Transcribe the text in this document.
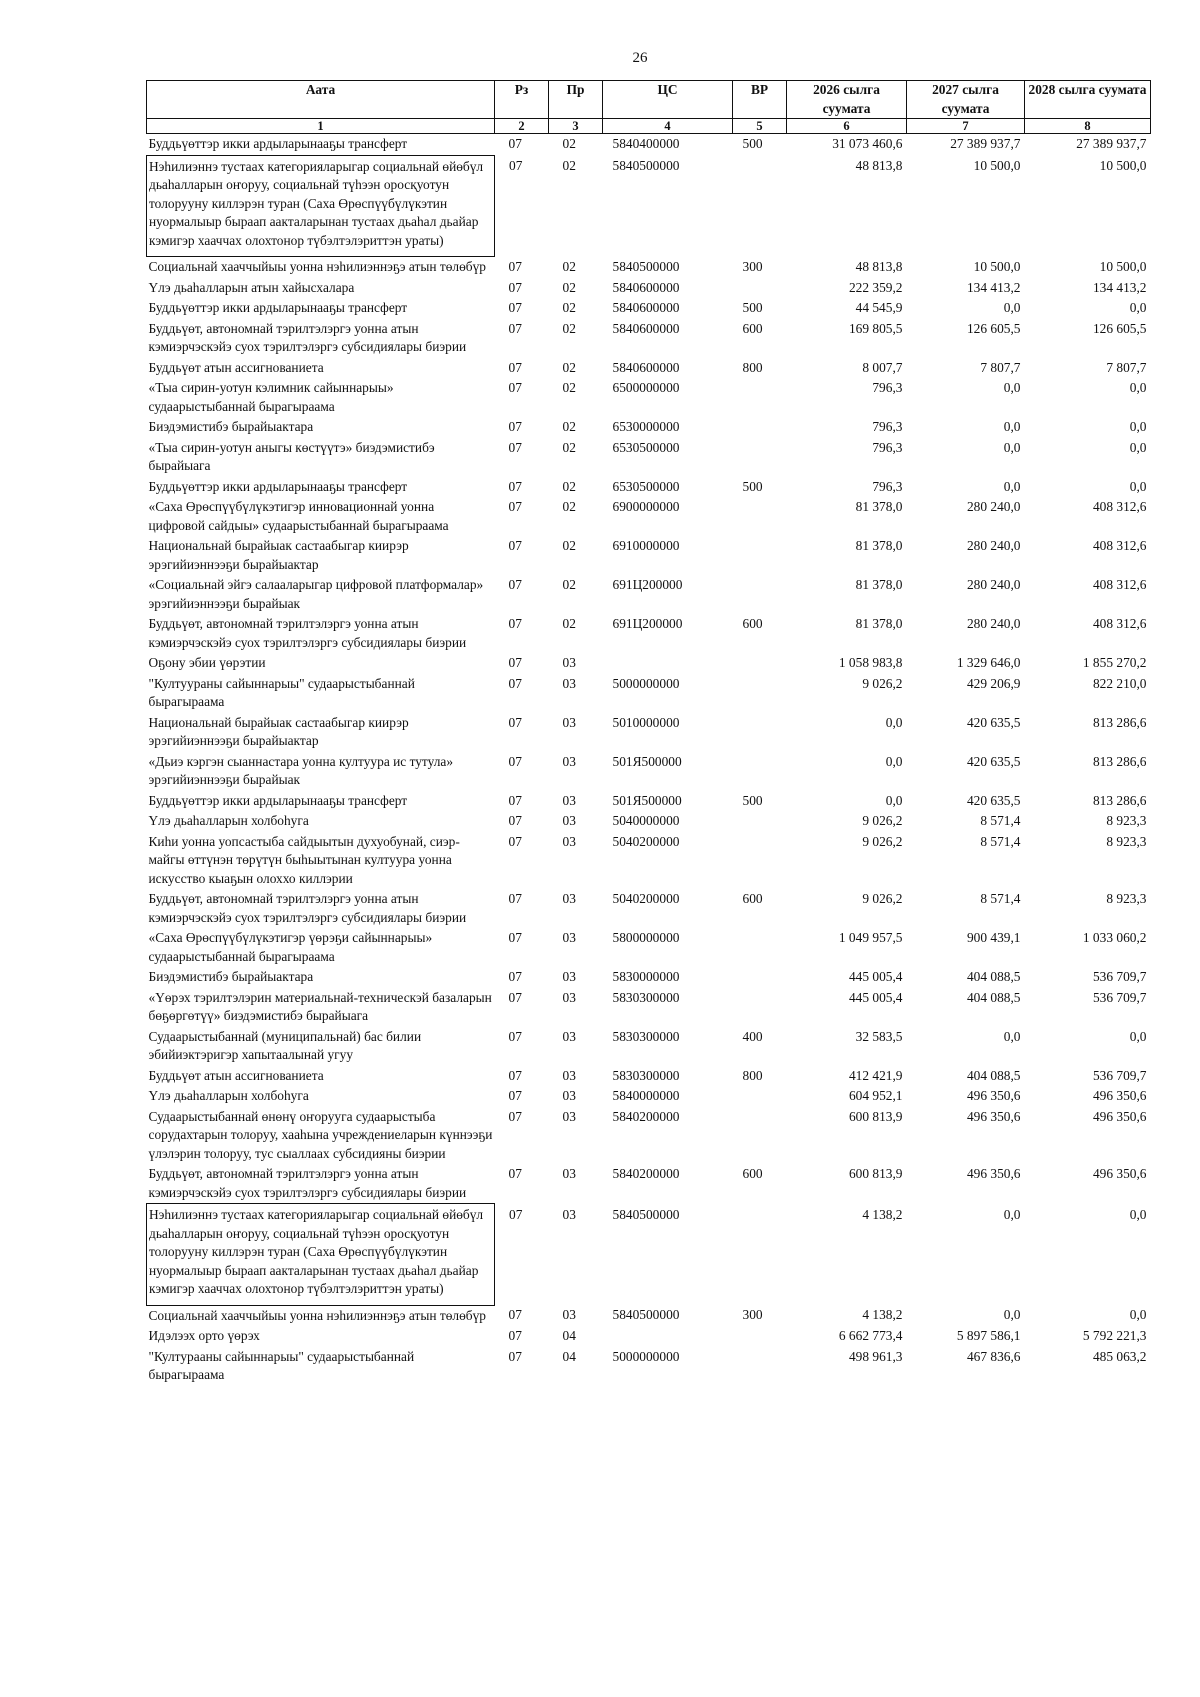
26
Аата	Рз	Пр	ЦС	ВР	2026 сылга суумата	2027 сылга суумата	2028 сылга суумата
1	2	3	4	5	6	7	8
Буддьүөттэр икки ардыларынааҕы трансферт	07	02	5840400000	500	31 073 460,6	27 389 937,7	27 389 937,7
Нэһилиэннэ тустаах категорияларыгар социальнай өйөбүл дьаһалларын оҥоруу, социальнай түһээн оросқуотун толорууну киллэрэн туран (Саха Өрөспүүбүлүкэтин нуормалыыр быраап аакталарынан тустаах дьаһал дьайар кэмигэр хааччах олохтонор түбэлтэлэриттэн ураты)	07	02	5840500000		48 813,8	10 500,0	10 500,0
Социальнай хааччыйыы уонна нэһилиэннэҕэ атын төлөбүр	07	02	5840500000	300	48 813,8	10 500,0	10 500,0
Үлэ дьаһалларын атын хайысхалара	07	02	5840600000		222 359,2	134 413,2	134 413,2
Буддьүөттэр икки ардыларынааҕы трансферт	07	02	5840600000	500	44 545,9	0,0	0,0
Буддьүөт, автономнай тэрилтэлэргэ уонна атын кэмиэрчэскэйэ суох тэрилтэлэргэ субсидиялары биэрии	07	02	5840600000	600	169 805,5	126 605,5	126 605,5
Буддьүөт атын ассигнованиета	07	02	5840600000	800	8 007,7	7 807,7	7 807,7
«Тыа сирин-уотун кэлимник сайыннарыы» судаарыстыбаннай бырагыраама	07	02	6500000000		796,3	0,0	0,0
Биэдэмистибэ бырайыактара	07	02	6530000000		796,3	0,0	0,0
«Тыа сирин-уотун аныгы көстүүтэ» биэдэмистибэ бырайыага	07	02	6530500000		796,3	0,0	0,0
Буддьүөттэр икки ардыларынааҕы трансферт	07	02	6530500000	500	796,3	0,0	0,0
«Саха Өрөспүүбүлүкэтигэр инновационнай уонна цифровой сайдыы» судаарыстыбаннай бырагыраама	07	02	6900000000		81 378,0	280 240,0	408 312,6
Национальнай бырайыак састаабыгар киирэр эрэгийиэннээҕи бырайыактар	07	02	6910000000		81 378,0	280 240,0	408 312,6
«Социальнай эйгэ салааларыгар цифровой платформалар» эрэгийиэннээҕи бырайыак	07	02	691Ц200000		81 378,0	280 240,0	408 312,6
Буддьүөт, автономнай тэрилтэлэргэ уонна атын кэмиэрчэскэйэ суох тэрилтэлэргэ субсидиялары биэрии	07	02	691Ц200000	600	81 378,0	280 240,0	408 312,6
Оҕону эбии үөрэтии	07	03			1 058 983,8	1 329 646,0	1 855 270,2
"Култуураны сайыннарыы" судаарыстыбаннай бырагыраама	07	03	5000000000		9 026,2	429 206,9	822 210,0
Национальнай бырайыак састаабыгар киирэр эрэгийиэннээҕи бырайыактар	07	03	5010000000		0,0	420 635,5	813 286,6
«Дьиэ кэргэн сыаннастара уонна култуура ис тутула» эрэгийиэннээҕи бырайыак	07	03	501Я500000		0,0	420 635,5	813 286,6
Буддьүөттэр икки ардыларынааҕы трансферт	07	03	501Я500000	500	0,0	420 635,5	813 286,6
Үлэ дьаһалларын холбоһуга	07	03	5040000000		9 026,2	8 571,4	8 923,3
Киһи уонна уопсастыба сайдыытын духуобунай, сиэр-майгы өттүнэн төрүтүн быһыытынан култуура уонна искусство кыаҕын олоххо киллэрии	07	03	5040200000		9 026,2	8 571,4	8 923,3
Буддьүөт, автономнай тэрилтэлэргэ уонна атын кэмиэрчэскэйэ суох тэрилтэлэргэ субсидиялары биэрии	07	03	5040200000	600	9 026,2	8 571,4	8 923,3
«Саха Өрөспүүбүлүкэтигэр үөрэҕи сайыннарыы» судаарыстыбаннай бырагыраама	07	03	5800000000		1 049 957,5	900 439,1	1 033 060,2
Биэдэмистибэ бырайыактара	07	03	5830000000		445 005,4	404 088,5	536 709,7
«Үөрэх тэрилтэлэрин материальнай-техническэй базаларын бөҕөргөтүү» биэдэмистибэ бырайыага	07	03	5830300000		445 005,4	404 088,5	536 709,7
Судаарыстыбаннай (муниципальнай) бас билии эбийиэктэригэр хапытаалынай угуу	07	03	5830300000	400	32 583,5	0,0	0,0
Буддьүөт атын ассигнованиета	07	03	5830300000	800	412 421,9	404 088,5	536 709,7
Үлэ дьаһалларын холбоһуга	07	03	5840000000		604 952,1	496 350,6	496 350,6
Судаарыстыбаннай өнөнү оҥорууга судаарыстыба сорудахтарын толоруу, хааһына учреждениеларын күннээҕи үлэлэрин толоруу, тус сыаллаах субсидияны биэрии	07	03	5840200000		600 813,9	496 350,6	496 350,6
Буддьүөт, автономнай тэрилтэлэргэ уонна атын кэмиэрчэскэйэ суох тэрилтэлэргэ субсидиялары биэрии	07	03	5840200000	600	600 813,9	496 350,6	496 350,6
Нэһилиэннэ тустаах категорияларыгар социальнай өйөбүл дьаһалларын оҥоруу, социальнай түһээн оросқуотун толорууну киллэрэн туран (Саха Өрөспүүбүлүкэтин нуормалыыр быраап аакталарынан тустаах дьаһал дьайар кэмигэр хааччах олохтонор түбэлтэлэриттэн ураты)	07	03	5840500000		4 138,2	0,0	0,0
Социальнай хааччыйыы уонна нэһилиэннэҕэ атын төлөбүр	07	03	5840500000	300	4 138,2	0,0	0,0
Идэлээх орто үөрэх	07	04			6 662 773,4	5 897 586,1	5 792 221,3
"Културааны сайыннарыы" судаарыстыбаннай бырагыраама	07	04	5000000000		498 961,3	467 836,6	485 063,2
